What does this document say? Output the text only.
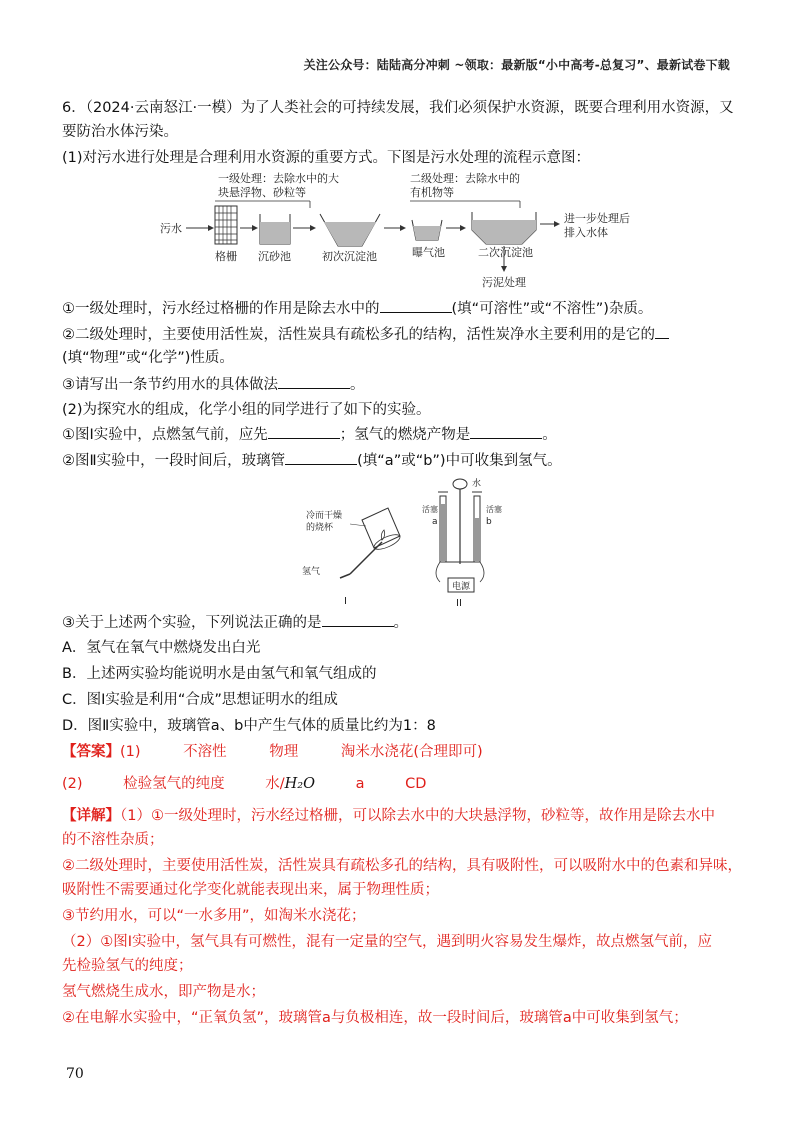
关注公众号：陆陆高分冲刺 ~领取：最新版“小中高考-总复习”、最新试卷下载
6．（2024·云南怒江·一模）为了人类社会的可持续发展，我们必须保护水资源，既要合理利用水资源，又
要防治水体污染。
(1)对污水进行处理是合理利用水资源的重要方式。下图是污水处理的流程示意图：
一级处理：去除水中的大
块悬浮物、砂粒等
二级处理：去除水中的
有机物等
污水
格栅 沉砂池	初次沉淀池	曝气池	二次沉淀池
污泥处理
进一步处理后
排入水体
①一级处理时，污水经过格栅的作用是除去水中的	(填“可溶性”或“不溶性”)杂质。
②二级处理时，主要使用活性炭，活性炭具有疏松多孔的结构，活性炭净水主要利用的是它的
(填“物理”或“化学”)性质。
③请写出一条节约用水的具体做法	。
(2)为探究水的组成，化学小组的同学进行了如下的实验。
①图Ⅰ实验中，点燃氢气前，应先	；氢气的燃烧产物是	。
②图Ⅱ实验中，一段时间后，玻璃管	(填“a”或“b”)中可收集到氢气。
冷而干燥
的烧杯
氢气
I
水
活塞	活塞
a	b
电源
II
③关于上述两个实验，下列说法正确的是	。
A．氢气在氧气中燃烧发出白光
B．上述两实验均能说明水是由氢气和氧气组成的
C．图Ⅰ实验是利用“合成”思想证明水的组成
D．图Ⅱ实验中，玻璃管a、b中产生气体的质量比约为1：8
【答案】(1)	不溶性	物理	淘米水浇花(合理即可)
(2)	检验氢气的纯度	水/H₂O	a	CD
【详解】（1）①一级处理时，污水经过格栅，可以除去水中的大块悬浮物，砂粒等，故作用是除去水中
的不溶性杂质；
②二级处理时，主要使用活性炭，活性炭具有疏松多孔的结构，具有吸附性，可以吸附水中的色素和异味，
吸附性不需要通过化学变化就能表现出来，属于物理性质；
③节约用水，可以“一水多用”，如淘米水浇花；
（2）①图Ⅰ实验中，氢气具有可燃性，混有一定量的空气，遇到明火容易发生爆炸，故点燃氢气前，应
先检验氢气的纯度；
氢气燃烧生成水，即产物是水；
②在电解水实验中，“正氧负氢”，玻璃管a与负极相连，故一段时间后，玻璃管a中可收集到氢气；
70
